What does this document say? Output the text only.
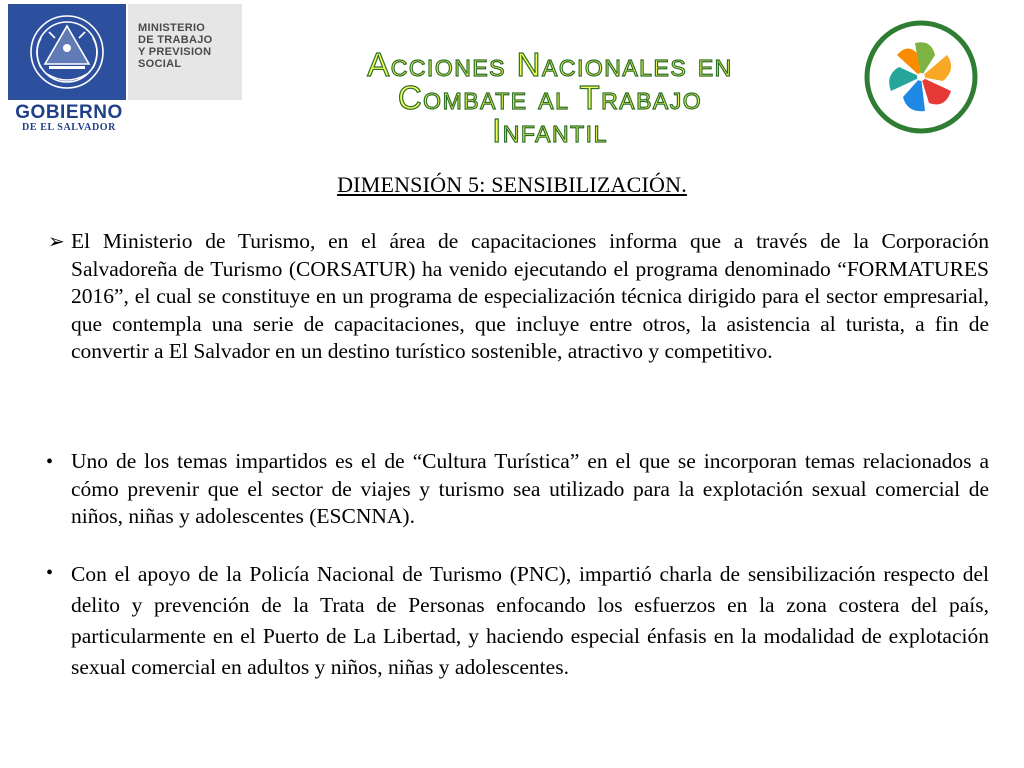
MINISTERIO
DE TRABAJO
Y PREVISION
SOCIAL
GOBIERNO
DE EL SALVADOR
Acciones Nacionales en
Combate al Trabajo
Infantil
DIMENSIÓN 5: SENSIBILIZACIÓN.
➢ El Ministerio de Turismo, en el área de capacitaciones informa que a través de la Corporación Salvadoreña de Turismo (CORSATUR) ha venido ejecutando el programa denominado “FORMATURES 2016”, el cual se constituye en un programa de especialización técnica dirigido para el sector empresarial, que contempla una serie de capacitaciones, que incluye entre otros, la asistencia al turista, a fin de convertir a El Salvador en un destino turístico sostenible, atractivo y competitivo.
• Uno de los temas impartidos es el de “Cultura Turística” en el que se incorporan temas relacionados a cómo prevenir que el sector de viajes y turismo sea utilizado para la explotación sexual comercial de niños, niñas y adolescentes (ESCNNA).
• Con el apoyo de la Policía Nacional de Turismo (PNC), impartió charla de sensibilización respecto del delito y prevención de la Trata de Personas enfocando los esfuerzos en la zona costera del país, particularmente en el Puerto de La Libertad, y haciendo especial énfasis en la modalidad de explotación sexual comercial en adultos y niños, niñas y adolescentes.
